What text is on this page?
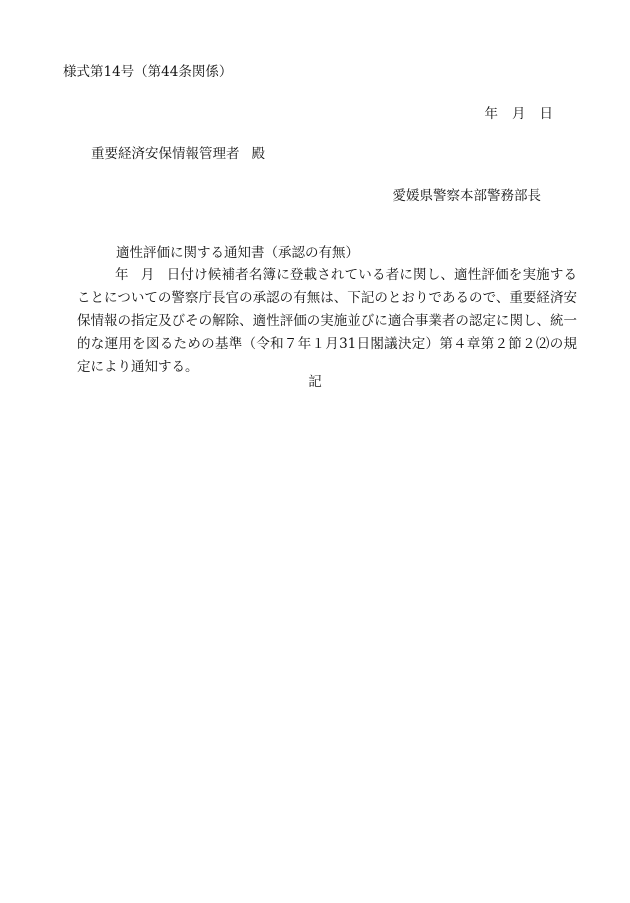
様式第14号（第44条関係）
年 月 日
重要経済安保情報管理者 殿
愛媛県警察本部警務部長
適性評価に関する通知書（承認の有無）

年 月 日付け候補者名簿に登載されている者に関し、適性評価を実施することについての警察庁長官の承認の有無は、下記のとおりであるので、重要経済安保情報の指定及びその解除、適性評価の実施並びに適合事業者の認定に関し、統一的な運用を図るための基準（令和７年１月31日閣議決定）第４章第２節２⑵の規定により通知する。

記
